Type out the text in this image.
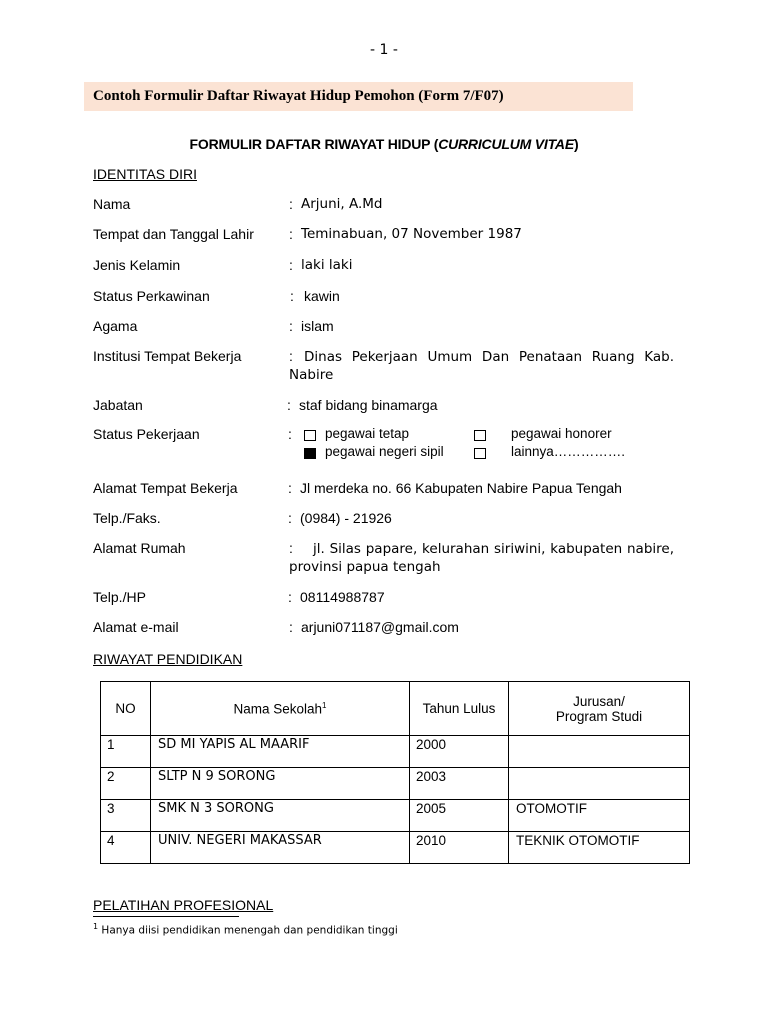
- 1 -
Contoh Formulir Daftar Riwayat Hidup Pemohon (Form 7/F07)
FORMULIR DAFTAR RIWAYAT HIDUP (CURRICULUM VITAE)
IDENTITAS DIRI
Nama	: Arjuni, A.Md
Tempat dan Tanggal Lahir	: Teminabuan, 07 November 1987
Jenis Kelamin	: laki laki
Status Perkawinan	: kawin
Agama	: islam
Institusi Tempat Bekerja	: Dinas Pekerjaan Umum Dan Penataan Ruang Kab. Nabire
Jabatan	: staf bidang binamarga
Status Pekerjaan	: pegawai tetap	pegawai honorer
pegawai negeri sipil	lainnya…………….
Alamat Tempat Bekerja	: Jl merdeka no. 66 Kabupaten Nabire Papua Tengah
Telp./Faks.	: (0984) - 21926
Alamat Rumah	:	jl. Silas papare, kelurahan siriwini, kabupaten nabire, provinsi papua tengah
Telp./HP	: 08114988787
Alamat e-mail	: arjuni071187@gmail.com
RIWAYAT PENDIDIKAN
NO	Nama Sekolah$^1$	Tahun Lulus	Jurusan/
Program Studi
1	SD MI YAPIS AL MAARIF	2000	
2	SLTP N 9 SORONG	2003	
3	SMK N 3 SORONG	2005	OTOMOTIF
4	UNIV. NEGERI MAKASSAR	2010	TEKNIK OTOMOTIF
PELATIHAN PROFESIONAL
$^1$ Hanya diisi pendidikan menengah dan pendidikan tinggi
